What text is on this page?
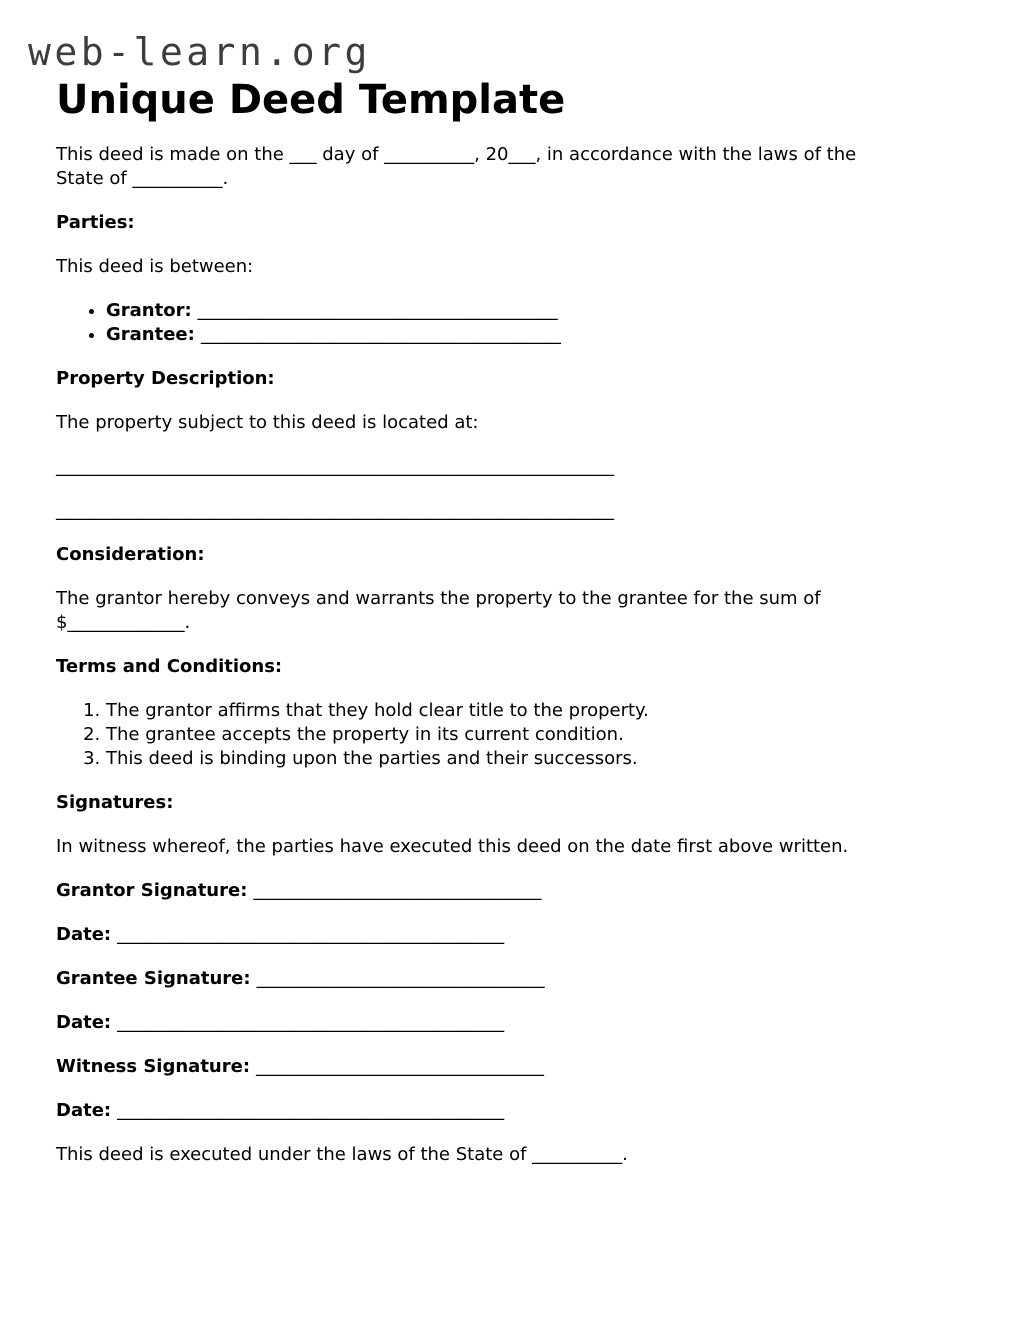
web-learn.org
Unique Deed Template

This deed is made on the ___ day of __________, 20___, in accordance with the laws of the State of __________.

Parties:

This deed is between:

• Grantor: ________________________________________
• Grantee: ________________________________________

Property Description:

The property subject to this deed is located at:

______________________________________________________________

______________________________________________________________

Consideration:

The grantor hereby conveys and warrants the property to the grantee for the sum of $_____________.

Terms and Conditions:

1. The grantor affirms that they hold clear title to the property.
2. The grantee accepts the property in its current condition.
3. This deed is binding upon the parties and their successors.

Signatures:

In witness whereof, the parties have executed this deed on the date first above written.

Grantor Signature: ________________________________

Date: ___________________________________________

Grantee Signature: ________________________________

Date: ___________________________________________

Witness Signature: ________________________________

Date: ___________________________________________

This deed is executed under the laws of the State of __________.
